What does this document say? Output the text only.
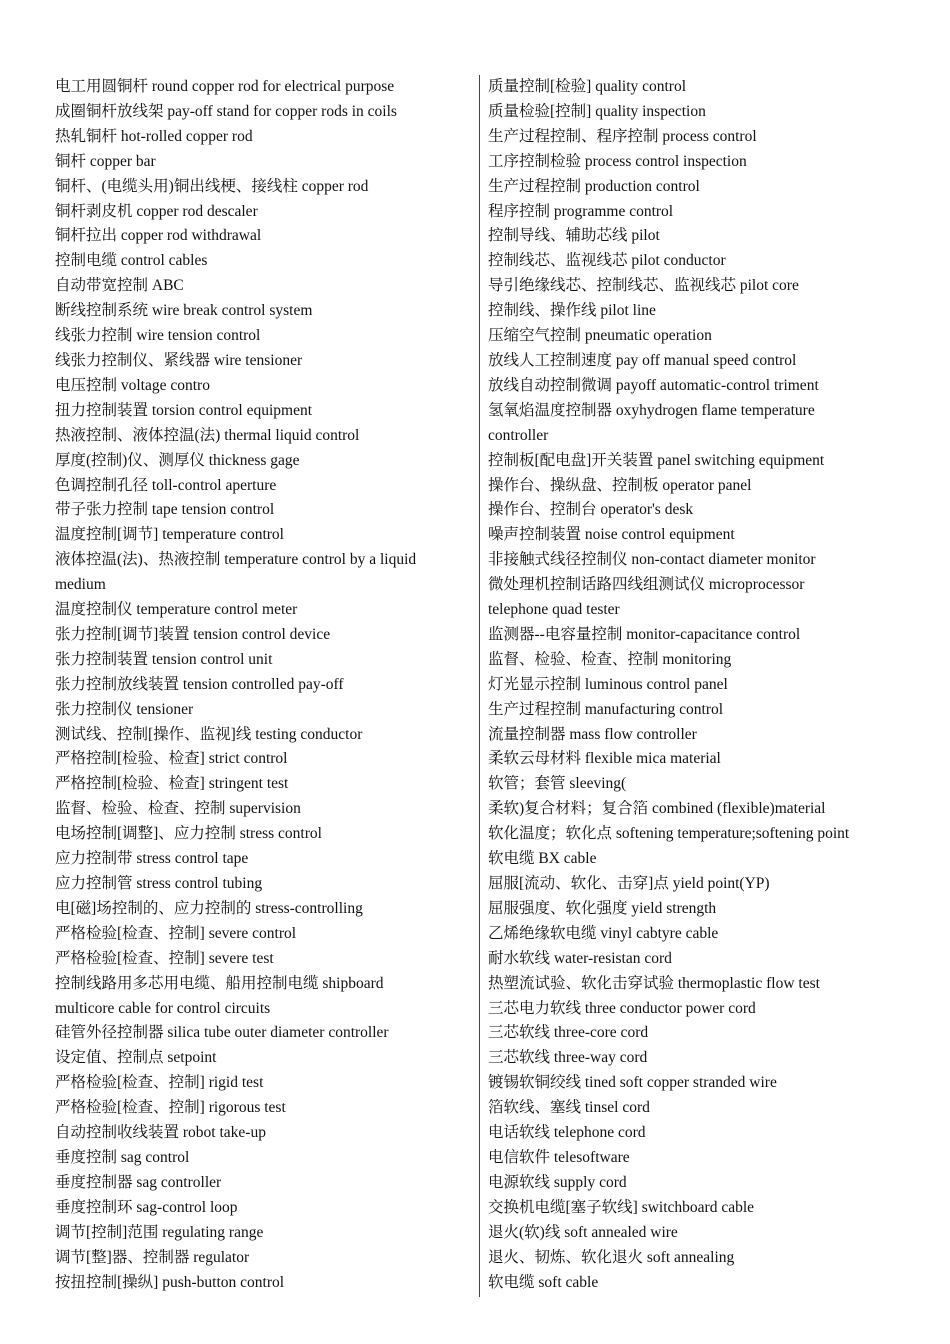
电工用圆铜杆 round copper rod for electrical purpose
成圈铜杆放线架 pay-off stand for copper rods in coils
热轧铜杆 hot-rolled copper rod
铜杆 copper bar
铜杆、(电缆头用)铜出线梗、接线柱 copper rod
铜杆剥皮机 copper rod descaler
铜杆拉出 copper rod withdrawal
控制电缆 control cables
自动带宽控制 ABC
断线控制系统 wire break control system
线张力控制 wire tension control
线张力控制仪、紧线器 wire tensioner
电压控制 voltage contro
扭力控制装置 torsion control equipment
热液控制、液体控温(法) thermal liquid control
厚度(控制)仪、测厚仪 thickness gage
色调控制孔径 toll-control aperture
带子张力控制 tape tension control
温度控制[调节] temperature control
液体控温(法)、热液控制 temperature control by a liquid
medium
温度控制仪 temperature control meter
张力控制[调节]装置 tension control device
张力控制装置 tension control unit
张力控制放线装置 tension controlled pay-off
张力控制仪 tensioner
测试线、控制[操作、监视]线 testing conductor
严格控制[检验、检查] strict control
严格控制[检验、检查] stringent test
监督、检验、检查、控制 supervision
电场控制[调整]、应力控制 stress control
应力控制带 stress control tape
应力控制管 stress control tubing
电[磁]场控制的、应力控制的 stress-controlling
严格检验[检查、控制] severe control
严格检验[检查、控制] severe test
控制线路用多芯用电缆、船用控制电缆 shipboard
multicore cable for control circuits
硅管外径控制器 silica tube outer diameter controller
设定值、控制点 setpoint
严格检验[检查、控制] rigid test
严格检验[检查、控制] rigorous test
自动控制收线装置 robot take-up
垂度控制 sag control
垂度控制器 sag controller
垂度控制环 sag-control loop
调节[控制]范围 regulating range
调节[整]器、控制器 regulator
按扭控制[操纵] push-button control
质量控制[检验] quality control
质量检验[控制] quality inspection
生产过程控制、程序控制 process control
工序控制检验 process control inspection
生产过程控制 production control
程序控制 programme control
控制导线、辅助芯线 pilot
控制线芯、监视线芯 pilot conductor
导引绝缘线芯、控制线芯、监视线芯 pilot core
控制线、操作线 pilot line
压缩空气控制 pneumatic operation
放线人工控制速度 pay off manual speed control
放线自动控制微调 payoff automatic-control triment
氢氧焰温度控制器 oxyhydrogen flame temperature
controller
控制板[配电盘]开关装置 panel switching equipment
操作台、操纵盘、控制板 operator panel
操作台、控制台 operator's desk
噪声控制装置 noise control equipment
非接触式线径控制仪 non-contact diameter monitor
微处理机控制话路四线组测试仪 microprocessor
telephone quad tester
监测器--电容量控制 monitor-capacitance control
监督、检验、检查、控制 monitoring
灯光显示控制 luminous control panel
生产过程控制 manufacturing control
流量控制器 mass flow controller
柔软云母材料 flexible mica material
软管；套管 sleeving(
柔软)复合材料；复合箔 combined (flexible)material
软化温度；软化点 softening temperature;softening point
软电缆 BX cable
屈服[流动、软化、击穿]点 yield point(YP)
屈服强度、软化强度 yield strength
乙烯绝缘软电缆 vinyl cabtyre cable
耐水软线 water-resistan cord
热塑流试验、软化击穿试验 thermoplastic flow test
三芯电力软线 three conductor power cord
三芯软线 three-core cord
三芯软线 three-way cord
镀锡软铜绞线 tined soft copper stranded wire
箔软线、塞线 tinsel cord
电话软线 telephone cord
电信软件 telesoftware
电源软线 supply cord
交换机电缆[塞子软线] switchboard cable
退火(软)线 soft annealed wire
退火、韧炼、软化退火 soft annealing
软电缆 soft cable
